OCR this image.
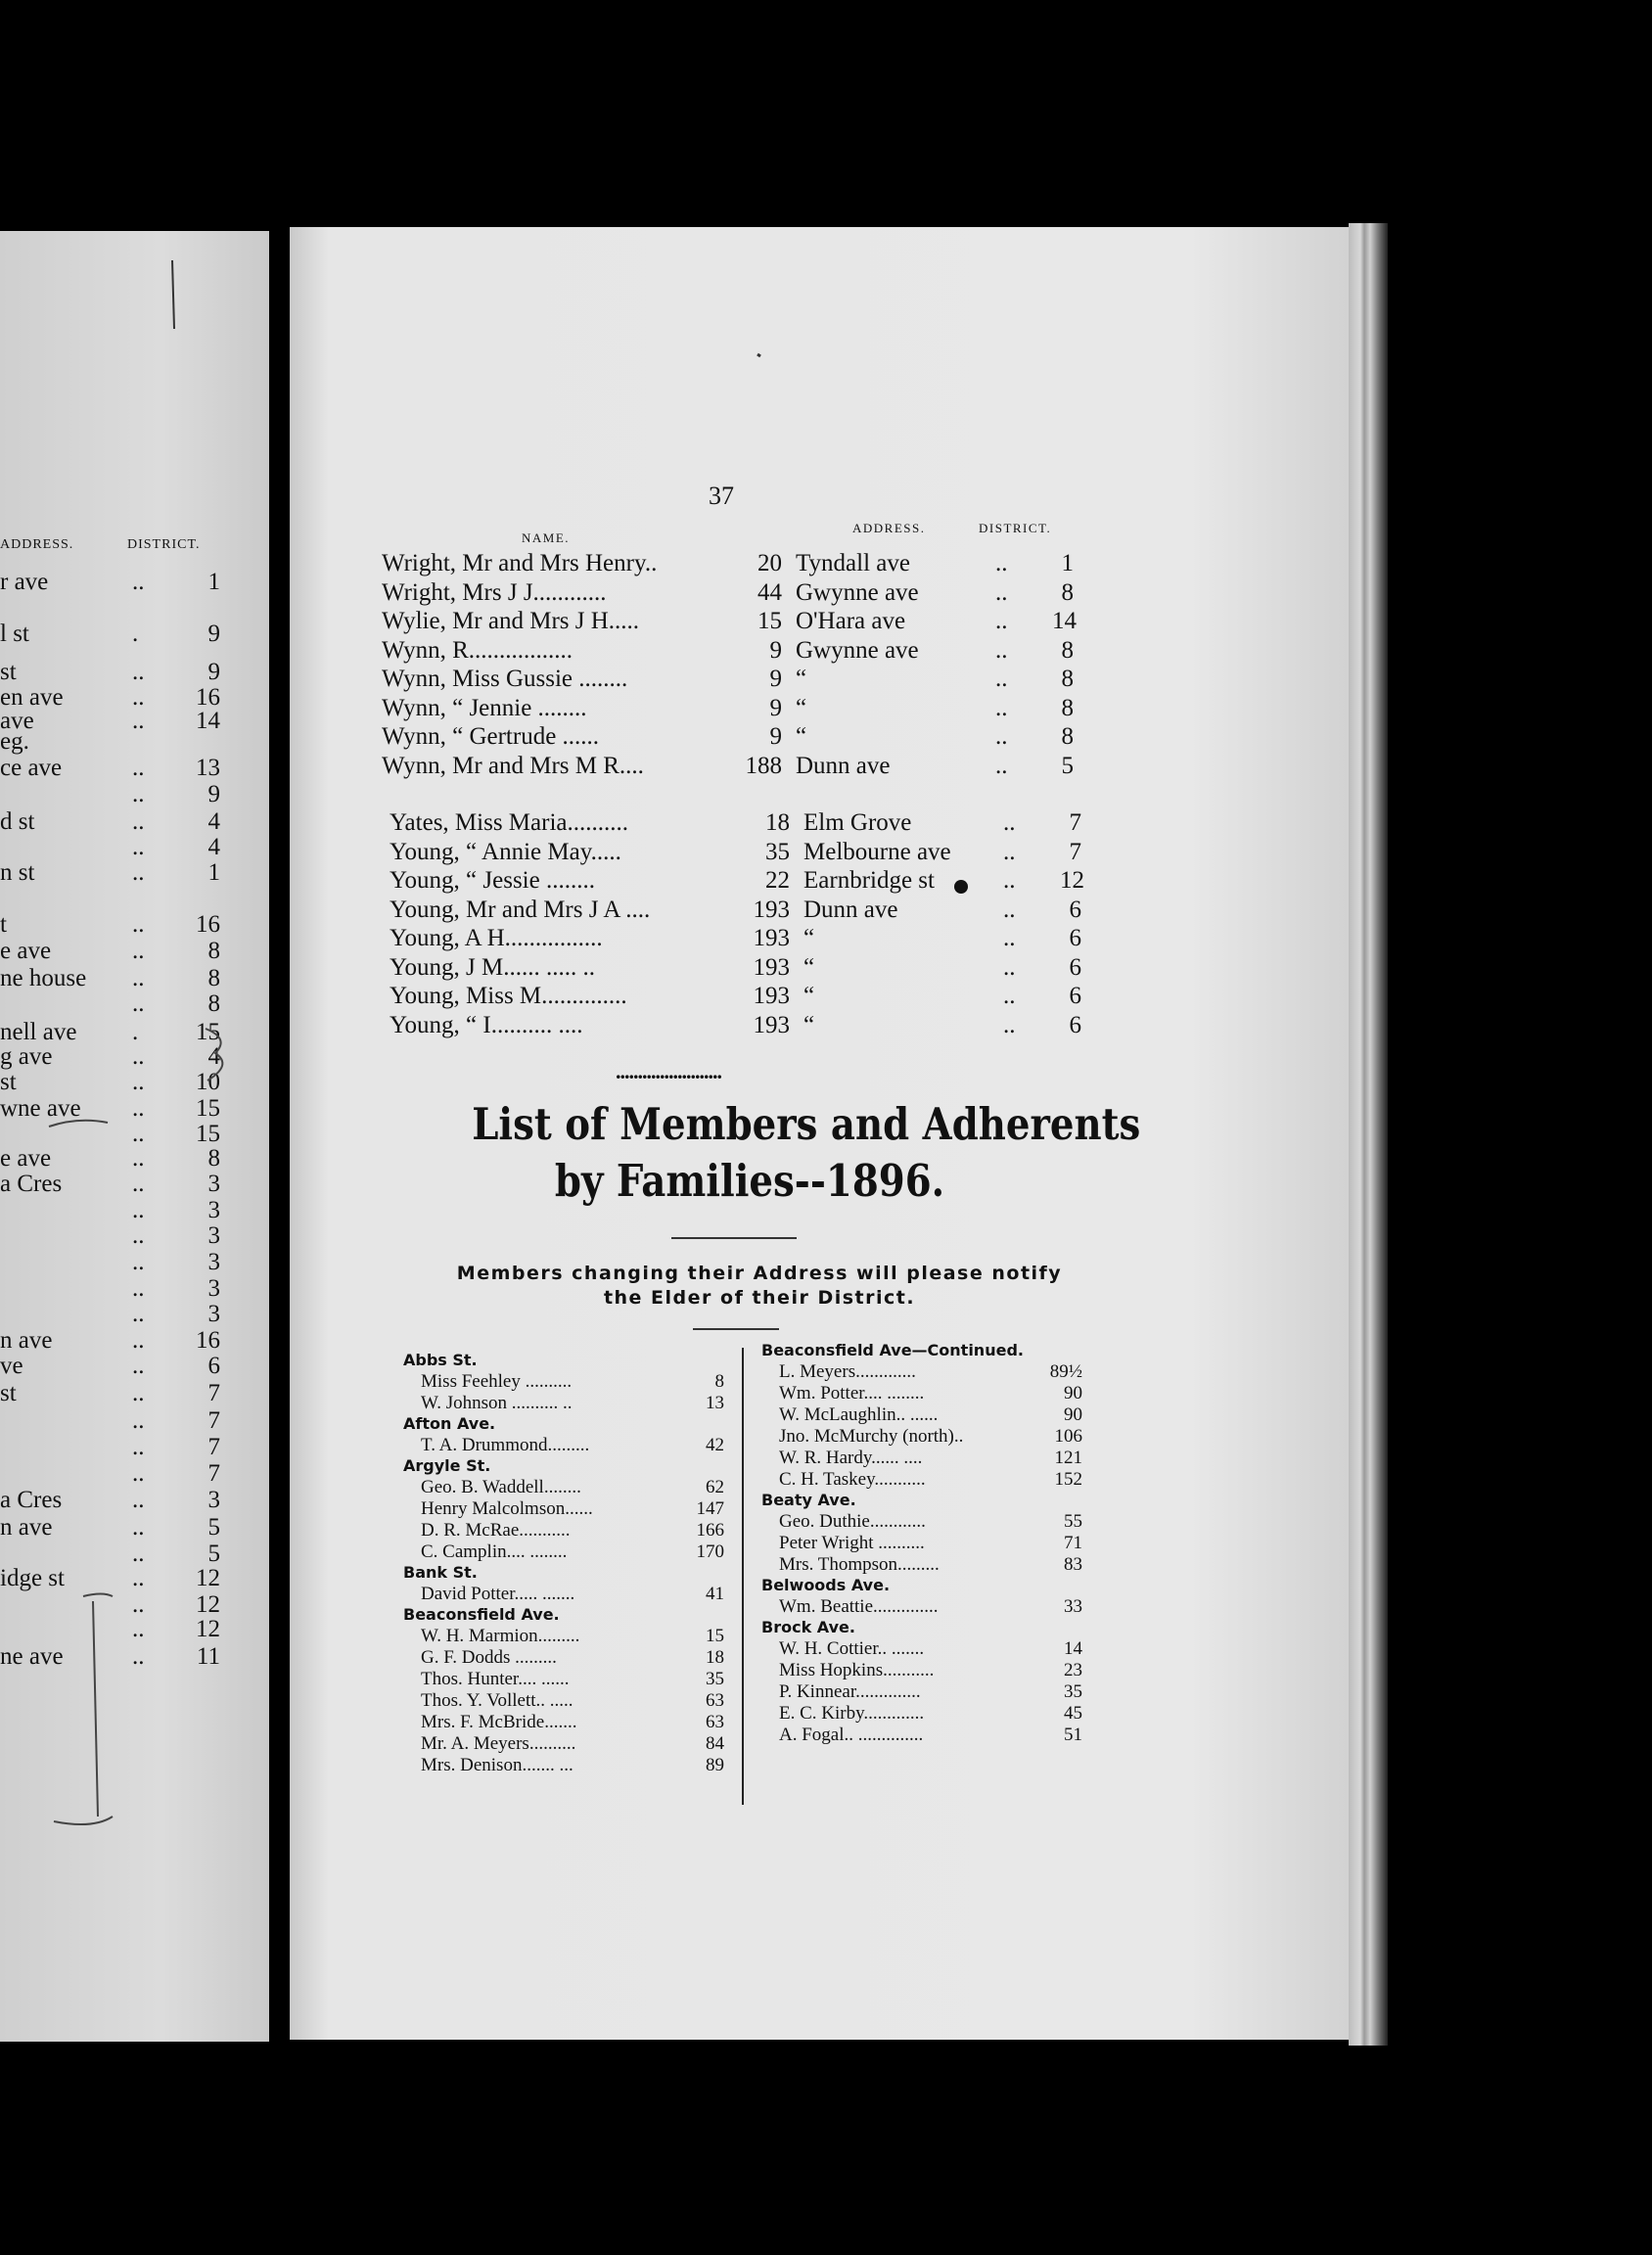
ADDRESS.	DISTRICT.
r ave	..	1
l st	.	9
st	..	9
en ave	.. 16
ave	.. 14
eg.
ce ave	.. 13
..	9
d st	..	4
..	4
n st	..	1
t	.. 16
e ave	..	8
ne house ..	8
..	8
nell ave . 15
g ave	..	4
st	.. 10
wne ave .. 15
.. 15
e ave	..	8
a Cres	..	3
..	3
..	3
..	3
..	3
..	3
n ave	.. 16
ve	..	6
st	..	7
..	7
..	7
..	7
a Cres	..	3
n ave	..	5
..	5
idge st	.. 12
.. 12
.. 12
ne ave	.. 11
37
NAME.
ADDRESS.	DISTRICT.
Wright, Mr and Mrs Henry..	20 Tyndall ave	..	1
Wright, Mrs J J............	44 Gwynne ave	..	8
Wylie, Mr and Mrs J H.....	15 O'Hara ave	.. 14
Wynn, R.................	9 Gwynne ave	..	8
Wynn, Miss Gussie ........	9 “	..	8
Wynn, “ Jennie ........	9 “	..	8
Wynn, “ Gertrude ......	9 “	..	8
Wynn, Mr and Mrs M R....	188 Dunn ave	..	5
Yates, Miss Maria..........	18 Elm Grove	..	7
Young, “ Annie May.....	35 Melbourne ave ..	7
Young, “ Jessie ........	22 Earnbridge st	.. 12
Young, Mr and Mrs J A ....	193 Dunn ave	..	6
Young, A H................	193 “	..	6
Young, J M...... ..... ..	193 “	..	6
Young, Miss M..............	193 “	..	6
Young, “ I.......... ....	193 “	..	6
........................
List of Members and Adherents
by Families--1896.
Members changing their Address will please notify
the Elder of their District.
Abbs St.
Miss Feehley ..........	8
W. Johnson .......... ..	13
Afton Ave.
T. A. Drummond.........	42
Argyle St.
Geo. B. Waddell........	62
Henry Malcolmson......	147
D. R. McRae...........	166
C. Camplin.... ........	170
Bank St.
David Potter..... .......	41
Beaconsfield Ave.
W. H. Marmion.........	15
G. F. Dodds .........	18
Thos. Hunter.... ......	35
Thos. Y. Vollett.. .....	63
Mrs. F. McBride.......	63
Mr. A. Meyers..........	84
Mrs. Denison....... ...	89
Beaconsfield Ave—Continued.
L. Meyers.............	89½
Wm. Potter.... ........	90
W. McLaughlin.. ......	90
Jno. McMurchy (north)..	106
W. R. Hardy...... ....	121
C. H. Taskey...........	152
Beaty Ave.
Geo. Duthie............	55
Peter Wright ..........	71
Mrs. Thompson.........	83
Belwoods Ave.
Wm. Beattie..............	33
Brock Ave.
W. H. Cottier.. .......	14
Miss Hopkins...........	23
P. Kinnear..............	35
E. C. Kirby.............	45
A. Fogal.. ..............	51
